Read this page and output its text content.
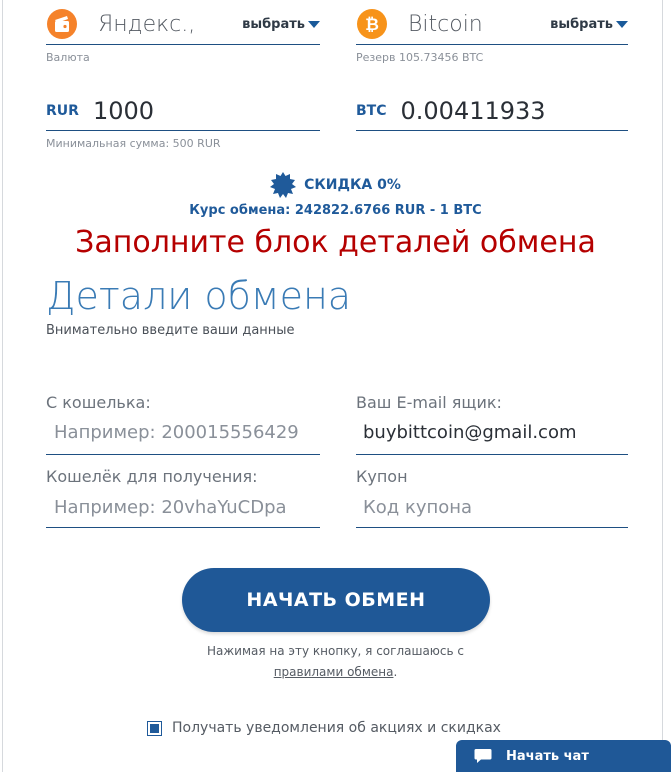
Яндекс.,	выбрать
Валюта
RUR 1000
Минимальная сумма: 500 RUR
₿ Bitcoin	выбрать
Резерв 105.73456 BTC
BTC 0.00411933
СКИДКА 0%
Курс обмена: 242822.6766 RUR - 1 BTC
Заполните блок деталей обмена
Детали обмена
Внимательно введите ваши данные
С кошелька:
Например: 200015556429
Ваш E-mail ящик:
buybittcoin@gmail.com
Кошелёк для получения:
Например: 20vhaYuCDpa
Купон
Код купона
НАЧАТЬ ОБМЕН
Нажимая на эту кнопку, я соглашаюсь с
правилами обмена.
Получать уведомления об акциях и скидках
Начать чат
